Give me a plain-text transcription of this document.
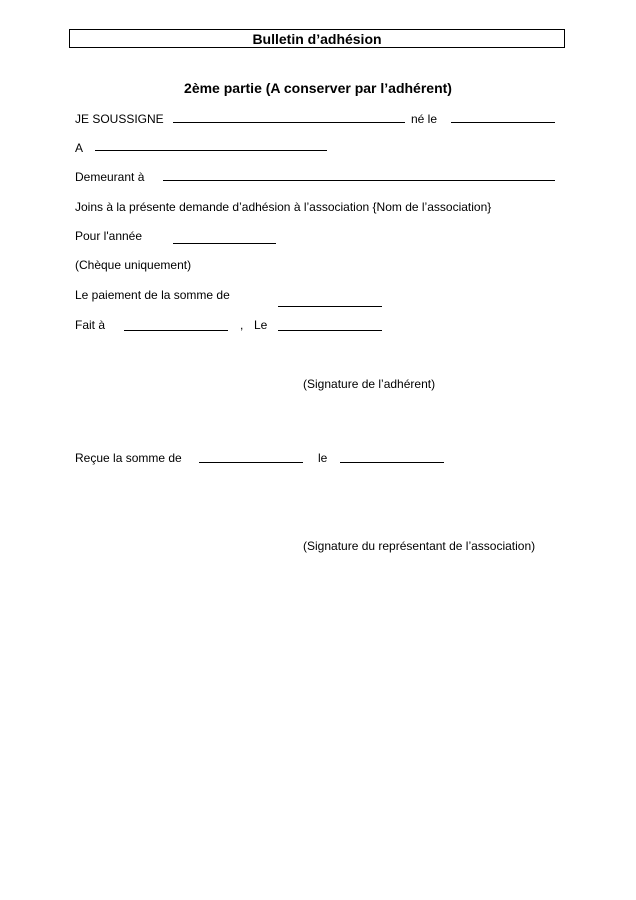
Bulletin d’adhésion
2ème partie (A conserver par l’adhérent)
JE SOUSSIGNE	né le
A
Demeurant à
Joins à la présente demande d’adhésion à l’association {Nom de l’association}
Pour l'année
(Chèque uniquement)
Le paiement de la somme de
Fait à	, Le
(Signature de l’adhérent)
Reçue la somme de	le
(Signature du représentant de l’association)
